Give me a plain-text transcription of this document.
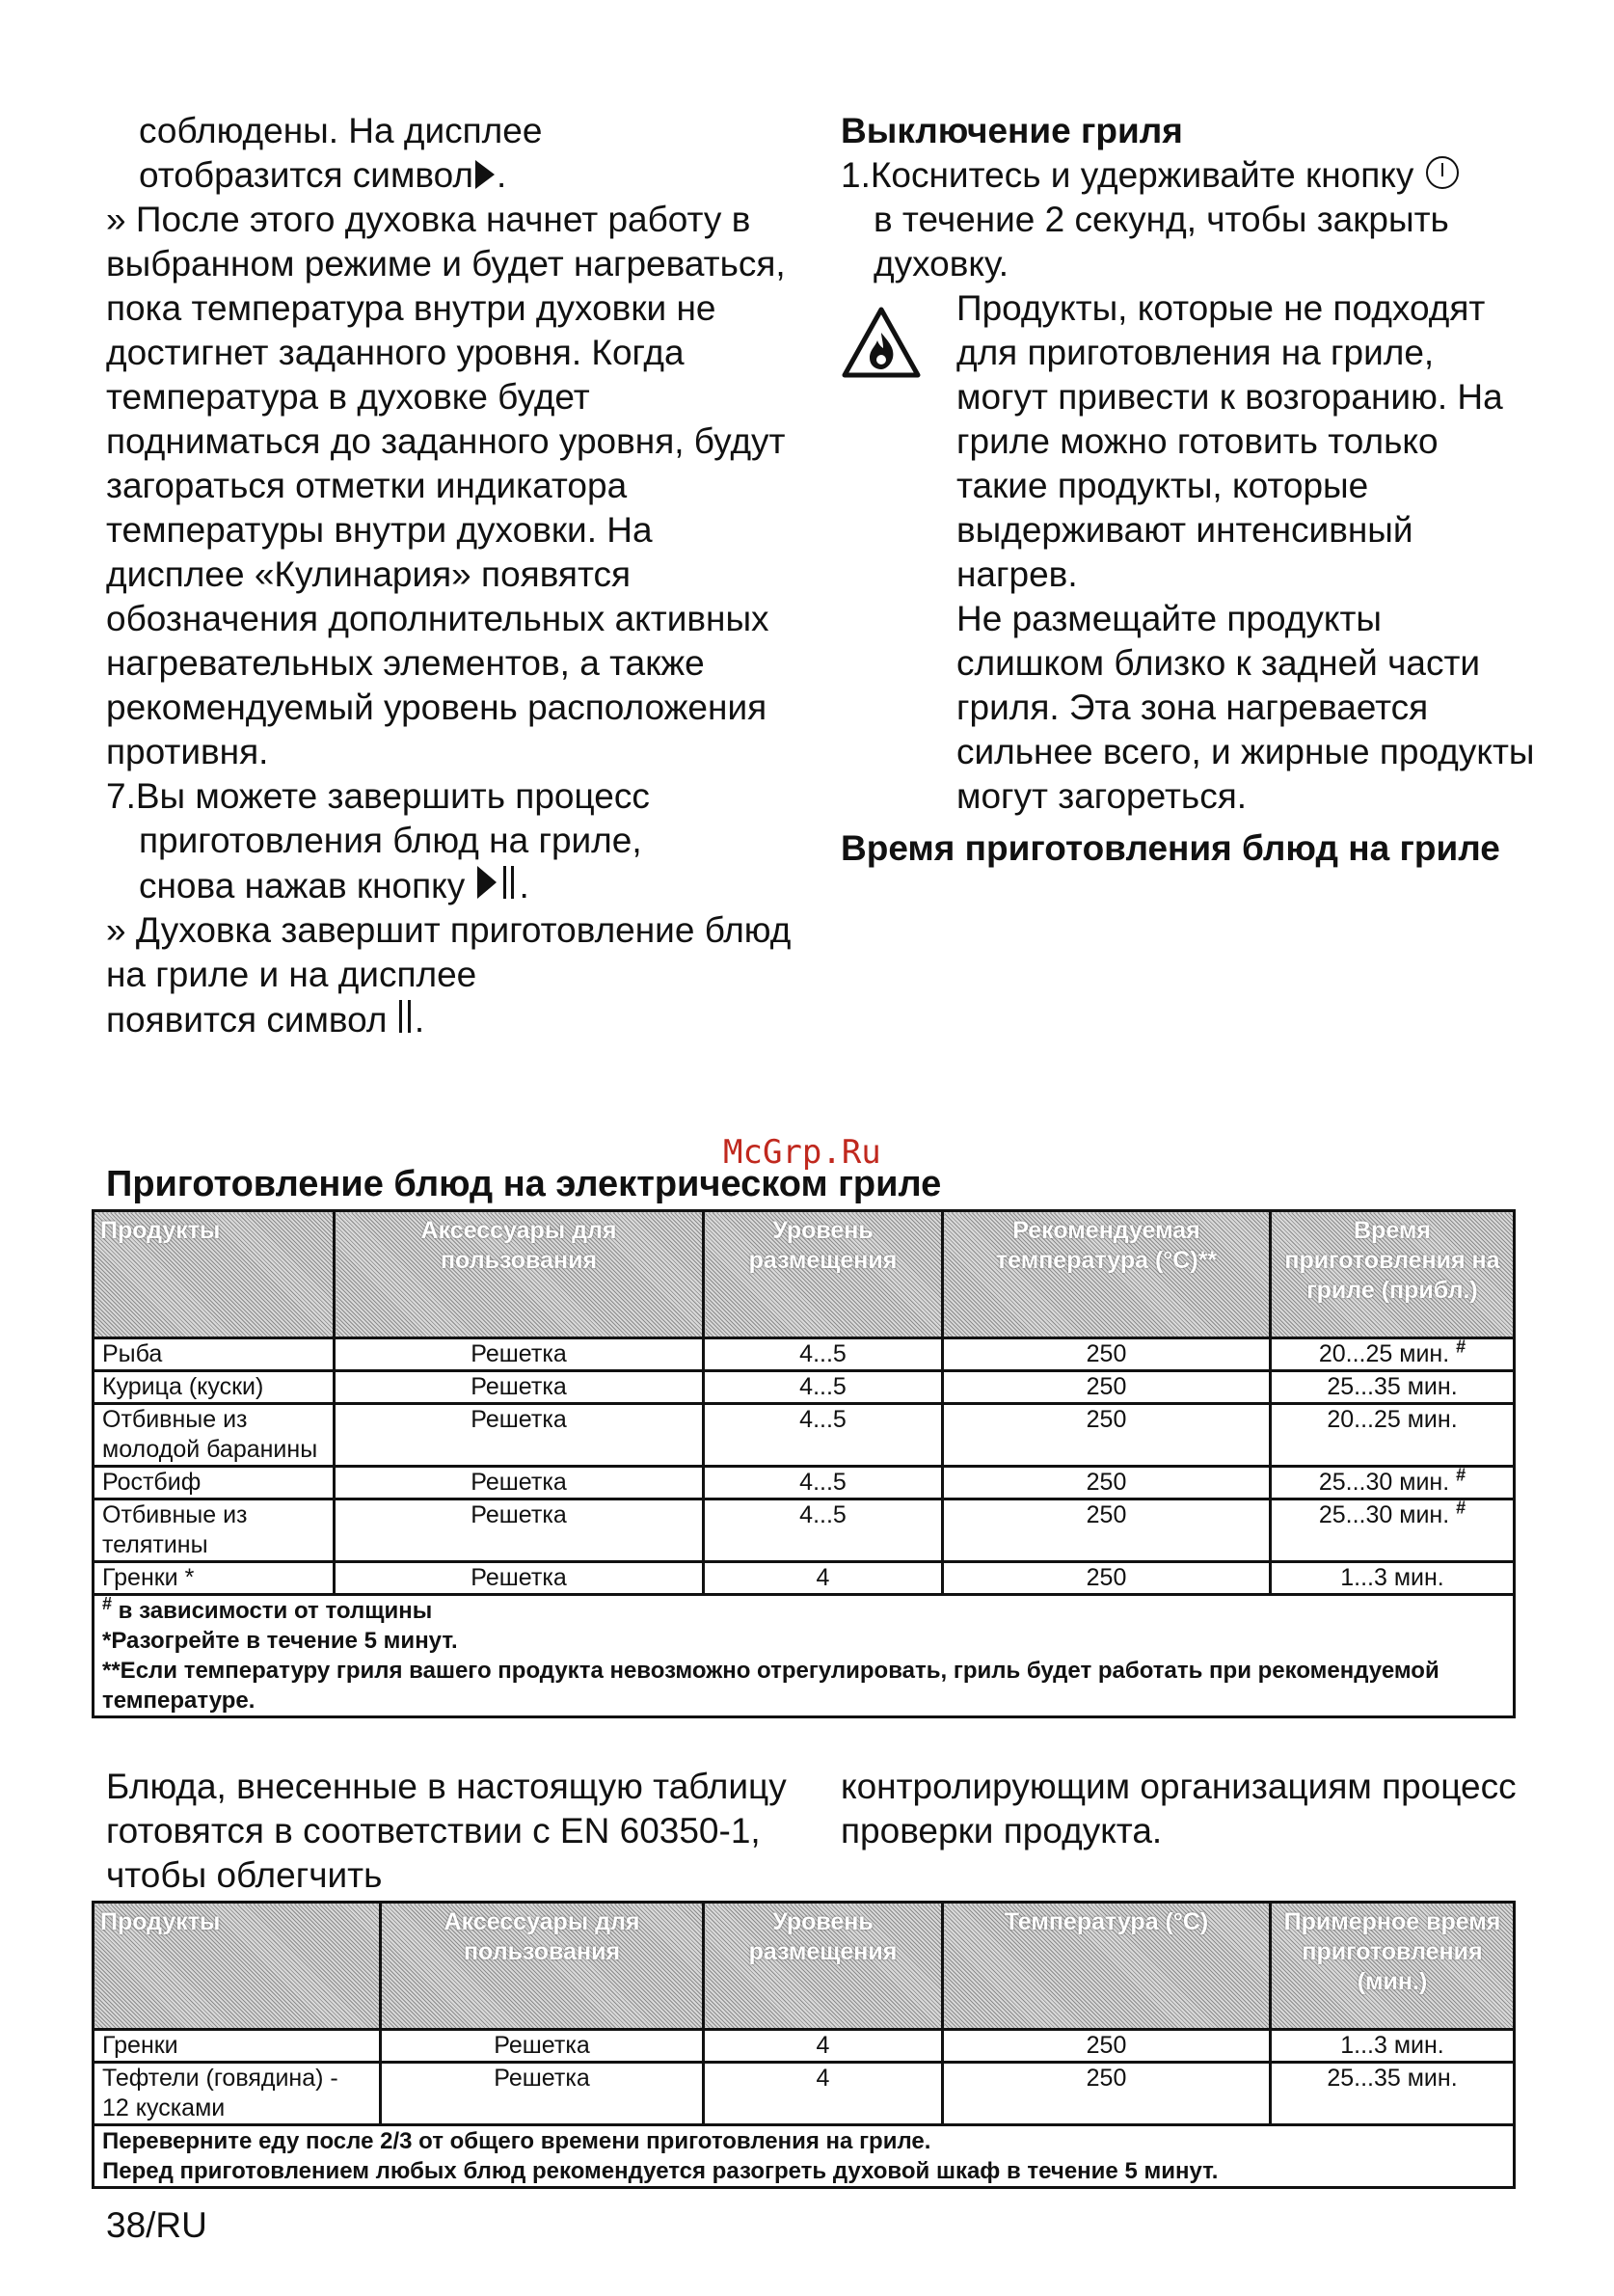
соблюдены. На дисплее

отобразится символ .

» После этого духовка начнет работу в выбранном режиме и будет нагреваться, пока температура внутри духовки не достигнет заданного уровня. Когда температура в духовке будет подниматься до заданного уровня, будут загораться отметки индикатора температуры внутри духовки. На дисплее «Кулинария» появятся обозначения дополнительных активных нагревательных элементов, а также рекомендуемый уровень расположения противня.

7.Вы можете завершить процесс

приготовления блюд на гриле,

снова нажав кнопку .

» Духовка завершит приготовление блюд на гриле и на дисплее

появится символ .

Выключение гриля

1.Коснитесь и удерживайте кнопку

в течение 2 секунд, чтобы закрыть духовку.

Продукты, которые не подходят для приготовления на гриле, могут привести к возгоранию. На гриле можно готовить только такие продукты, которые выдерживают интенсивный нагрев.

Не размещайте продукты слишком близко к задней части гриля. Эта зона нагревается сильнее всего, и жирные продукты могут загореться.

Время приготовления блюд на гриле

McGrp.Ru
Приготовление блюд на электрическом гриле
Продукты	Аксессуары для пользования	Уровень размещения	Рекомендуемая температура (°C)**	Время приготовления на гриле (прибл.)
Рыба	Решетка	4...5	250	20...25 мин. #
Курица (куски)	Решетка	4...5	250	25...35 мин.
Отбивные из молодой баранины	Решетка	4...5	250	20...25 мин.
Ростбиф	Решетка	4...5	250	25...30 мин. #
Отбивные из телятины	Решетка	4...5	250	25...30 мин. #
Гренки *	Решетка	4	250	1...3 мин.

# в зависимости от толщины
*Разогрейте в течение 5 минут.
**Если температуру гриля вашего продукта невозможно отрегулировать, гриль будет работать при рекомендуемой температуре.				

Блюда, внесенные в настоящую таблицу готовятся в соответствии с EN 60350-1, чтобы облегчить

контролирующим организациям процесс проверки продукта.

Продукты	Аксессуары для пользования	Уровень размещения	Температура (°C)	Примерное время приготовления (мин.)
Гренки	Решетка	4	250	1...3 мин.
Тефтели (говядина) - 12 кусками	Решетка	4	250	25...35 мин.

Переверните еду после 2/3 от общего времени приготовления на гриле.
Перед приготовлением любых блюд рекомендуется разогреть духовой шкаф в течение 5 минут.				
38/RU
